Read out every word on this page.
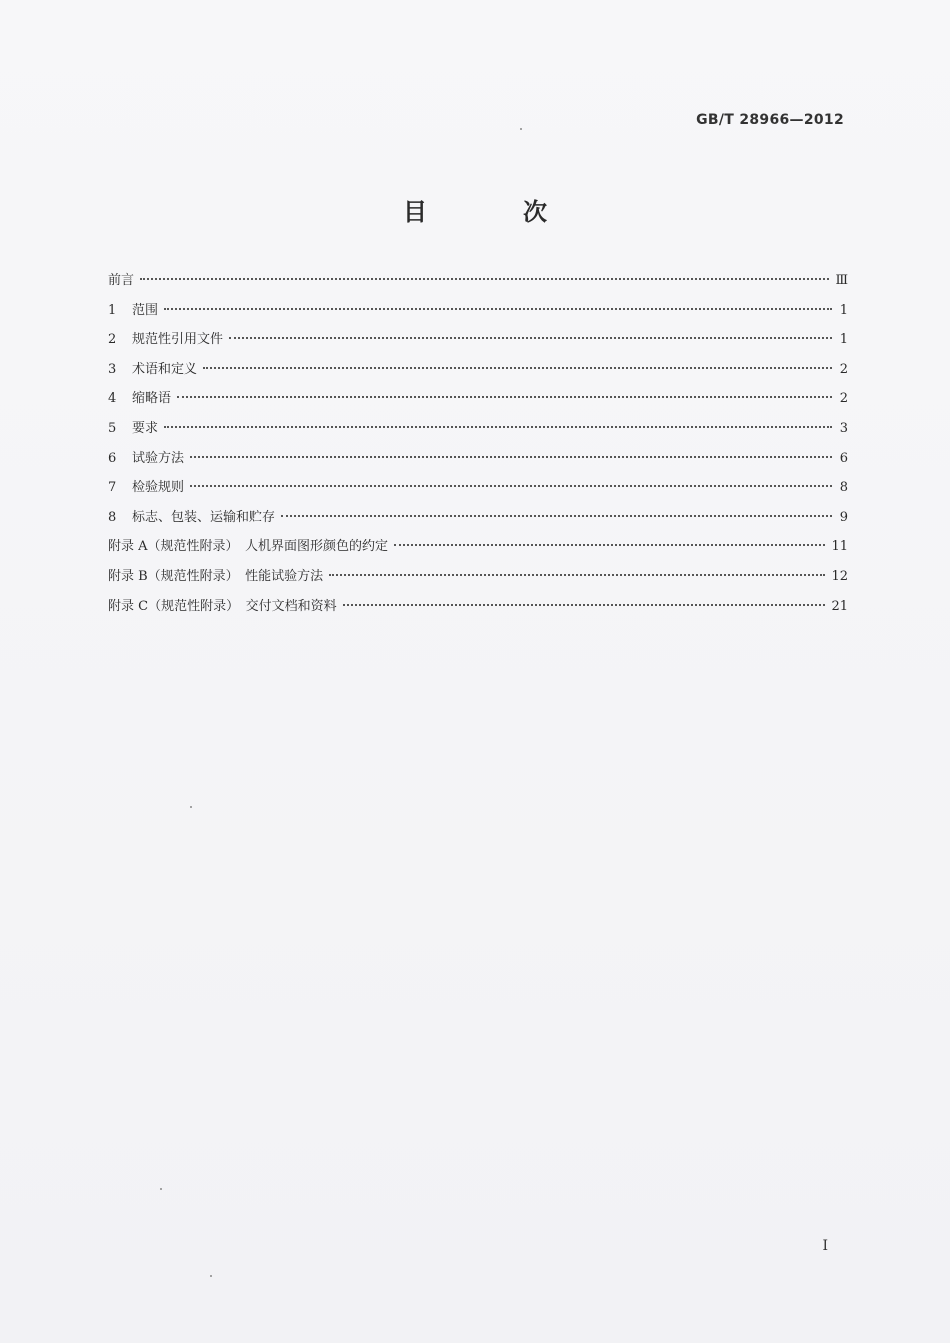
GB/T 28966—2012
目　次
前言	Ⅲ
1 范围	1
2 规范性引用文件	1
3 术语和定义	2
4 缩略语	2
5 要求	3
6 试验方法	6
7 检验规则	8
8 标志、包装、运输和贮存	9
附录 A（规范性附录）　人机界面图形颜色的约定	11
附录 B（规范性附录）　性能试验方法	12
附录 C（规范性附录）　交付文档和资料	21
I
